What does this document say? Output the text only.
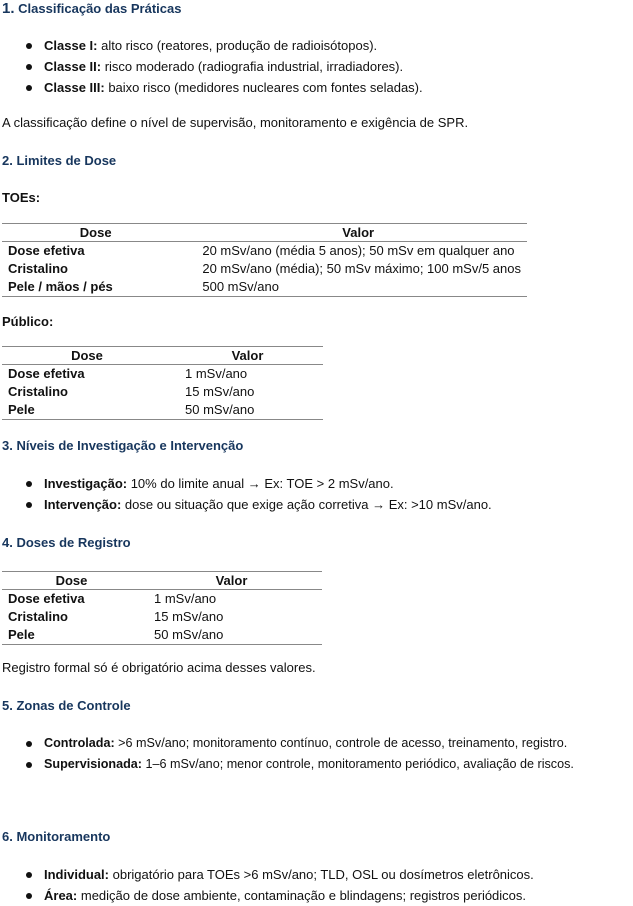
1. Classificação das Práticas
Classe I: alto risco (reatores, produção de radioisótopos).
Classe II: risco moderado (radiografia industrial, irradiadores).
Classe III: baixo risco (medidores nucleares com fontes seladas).

A classificação define o nível de supervisão, monitoramento e exigência de SPR.

2. Limites de Dose
TOEs:
Dose	Valor
Dose efetiva	20 mSv/ano (média 5 anos); 50 mSv em qualquer ano
Cristalino	20 mSv/ano (média); 50 mSv máximo; 100 mSv/5 anos
Pele / mãos / pés	500 mSv/ano
Público:
Dose	Valor
Dose efetiva	1 mSv/ano
Cristalino	15 mSv/ano
Pele	50 mSv/ano
3. Níveis de Investigação e Intervenção
Investigação: 10% do limite anual → Ex: TOE > 2 mSv/ano.
Intervenção: dose ou situação que exige ação corretiva → Ex: >10 mSv/ano.
4. Doses de Registro
Dose	Valor
Dose efetiva	1 mSv/ano
Cristalino	15 mSv/ano
Pele	50 mSv/ano

Registro formal só é obrigatório acima desses valores.

5. Zonas de Controle
Controlada: >6 mSv/ano; monitoramento contínuo, controle de acesso, treinamento, registro.
Supervisionada: 1–6 mSv/ano; menor controle, monitoramento periódico, avaliação de riscos.
6. Monitoramento
Individual: obrigatório para TOEs >6 mSv/ano; TLD, OSL ou dosímetros eletrônicos.
Área: medição de dose ambiente, contaminação e blindagens; registros periódicos.
